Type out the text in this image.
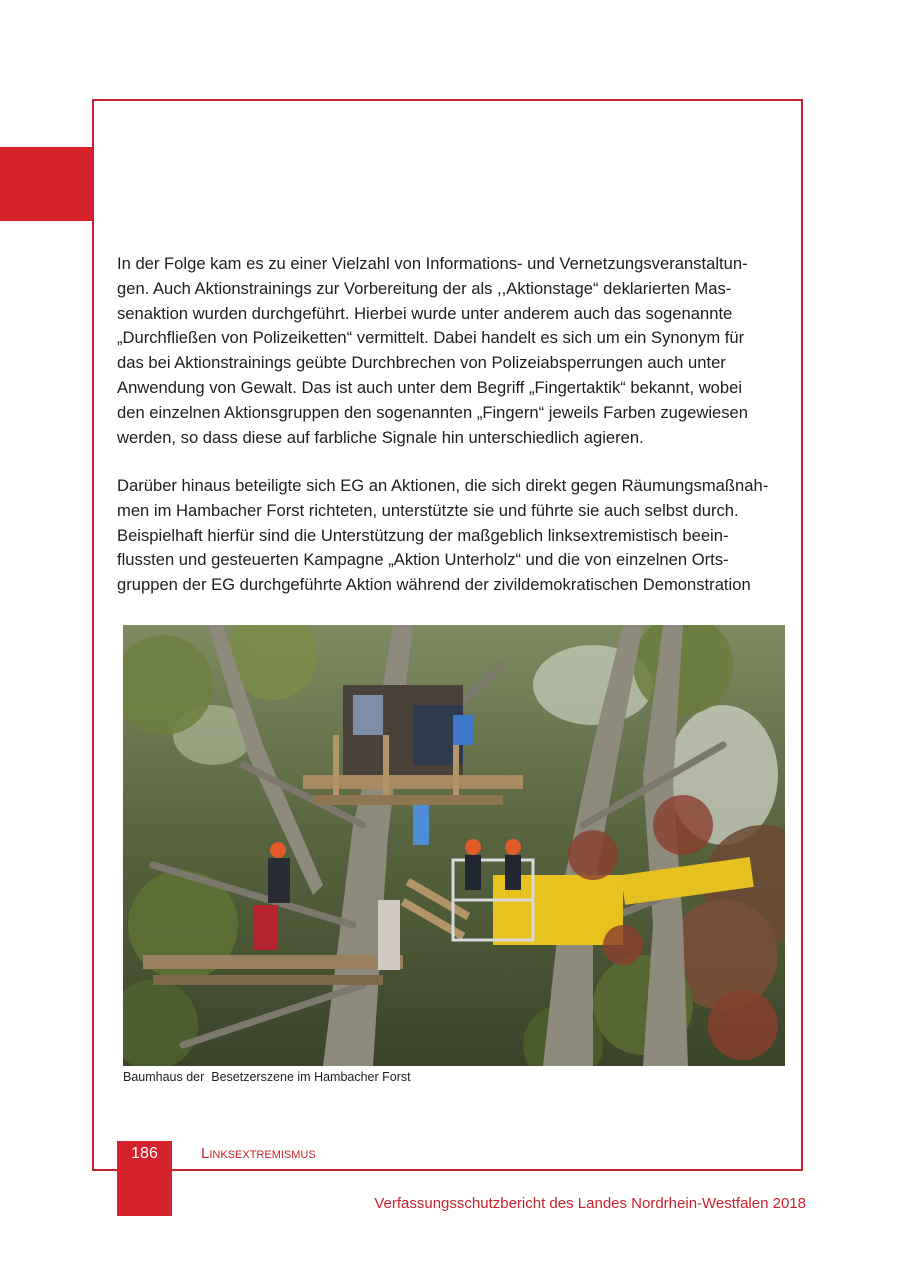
In der Folge kam es zu einer Vielzahl von Informations- und Vernetzungsveranstaltun-
gen. Auch Aktionstrainings zur Vorbereitung der als ,,Aktionstage“ deklarierten Mas-
senaktion wurden durchgeführt. Hierbei wurde unter anderem auch das sogenannte
„Durchfließen von Polizeiketten“ vermittelt. Dabei handelt es sich um ein Synonym für
das bei Aktionstrainings geübte Durchbrechen von Polizeiabsperrungen auch unter
Anwendung von Gewalt. Das ist auch unter dem Begriff „Fingertaktik“ bekannt, wobei
den einzelnen Aktionsgruppen den sogenannten „Fingern“ jeweils Farben zugewiesen
werden, so dass diese auf farbliche Signale hin unterschiedlich agieren.

Darüber hinaus beteiligte sich EG an Aktionen, die sich direkt gegen Räumungsmaßnah-
men im Hambacher Forst richteten, unterstützte sie und führte sie auch selbst durch.
Beispielhaft hierfür sind die Unterstützung der maßgeblich linksextremistisch beein-
flussten und gesteuerten Kampagne „Aktion Unterholz“ und die von einzelnen Orts-
gruppen der EG durchgeführte Aktion während der zivildemokratischen Demonstration

Baumhaus der  Besetzerszene im Hambacher Forst
186	Linksextremismus
Verfassungsschutzbericht des Landes Nordrhein-Westfalen 2018
